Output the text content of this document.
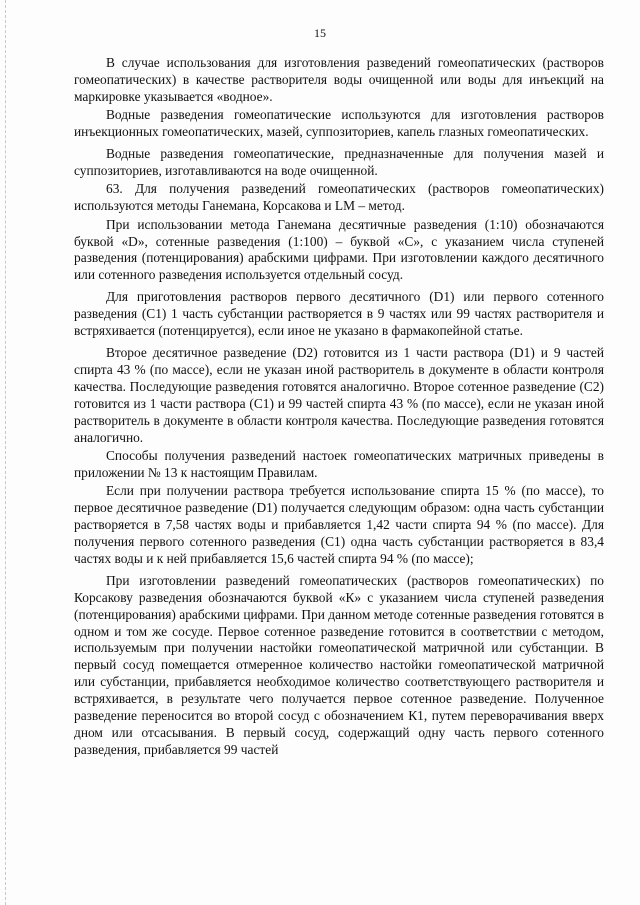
15

В случае использования для изготовления разведений гомеопатических (растворов гомеопатических) в качестве растворителя воды очищенной или воды для инъекций на маркировке указывается «водное».

Водные разведения гомеопатические используются для изготовления растворов инъекционных гомеопатических, мазей, суппозиториев, капель глазных гомеопатических.

Водные разведения гомеопатические, предназначенные для получения мазей и суппозиториев, изготавливаются на воде очищенной.

63. Для получения разведений гомеопатических (растворов гомеопатических) используются методы Ганемана, Корсакова и LM – метод.

При использовании метода Ганемана десятичные разведения (1:10) обозначаются буквой «D», сотенные разведения (1:100) – буквой «С», с указанием числа ступеней разведения (потенцирования) арабскими цифрами. При изготовлении каждого десятичного или сотенного разведения используется отдельный сосуд.

Для приготовления растворов первого десятичного (D1) или первого сотенного разведения (С1) 1 часть субстанции растворяется в 9 частях или 99 частях растворителя и встряхивается (потенцируется), если иное не указано в фармакопейной статье.

Второе десятичное разведение (D2) готовится из 1 части раствора (D1) и 9 частей спирта 43 % (по массе), если не указан иной растворитель в документе в области контроля качества. Последующие разведения готовятся аналогично. Второе сотенное разведение (С2) готовится из 1 части раствора (С1) и 99 частей спирта 43 % (по массе), если не указан иной растворитель в документе в области контроля качества. Последующие разведения готовятся аналогично.

Способы получения разведений настоек гомеопатических матричных приведены в приложении № 13 к настоящим Правилам.

Если при получении раствора требуется использование спирта 15 % (по массе), то первое десятичное разведение (D1) получается следующим образом: одна часть субстанции растворяется в 7,58 частях воды и прибавляется 1,42 части спирта 94 % (по массе). Для получения первого сотенного разведения (С1) одна часть субстанции растворяется в 83,4 частях воды и к ней прибавляется 15,6 частей спирта 94 % (по массе);

При изготовлении разведений гомеопатических (растворов гомеопатических) по Корсакову разведения обозначаются буквой «К» с указанием числа ступеней разведения (потенцирования) арабскими цифрами. При данном методе сотенные разведения готовятся в одном и том же сосуде. Первое сотенное разведение готовится в соответствии с методом, используемым при получении настойки гомеопатической матричной или субстанции. В первый сосуд помещается отмеренное количество настойки гомеопатической матричной или субстанции, прибавляется необходимое количество соответствующего растворителя и встряхивается, в результате чего получается первое сотенное разведение. Полученное разведение переносится во второй сосуд с обозначением К1, путем переворачивания вверх дном или отсасывания. В первый сосуд, содержащий одну часть первого сотенного разведения, прибавляется 99 частей
